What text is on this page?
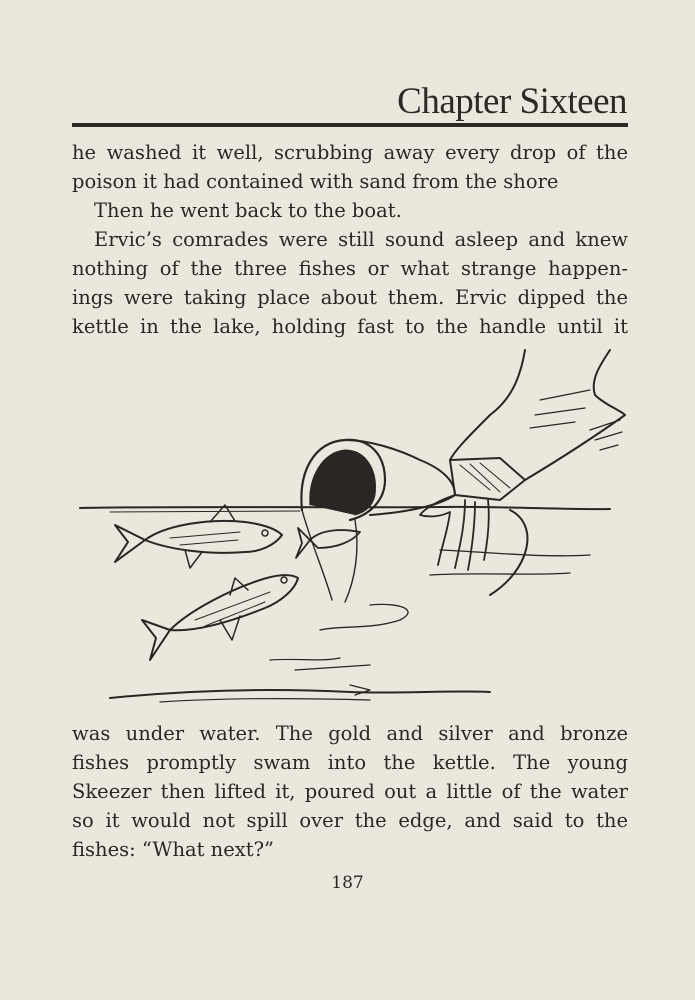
Chapter Sixteen
he washed it well, scrubbing away every drop of the
poison it had contained with sand from the shore
Then he went back to the boat.
Ervic’s comrades were still sound asleep and knew
nothing of the three fishes or what strange happen-
ings were taking place about them. Ervic dipped the
kettle in the lake, holding fast to the handle until it
was under water. The gold and silver and bronze
fishes promptly swam into the kettle. The young
Skeezer then lifted it, poured out a little of the water
so it would not spill over the edge, and said to the
fishes: “What next?”
187
